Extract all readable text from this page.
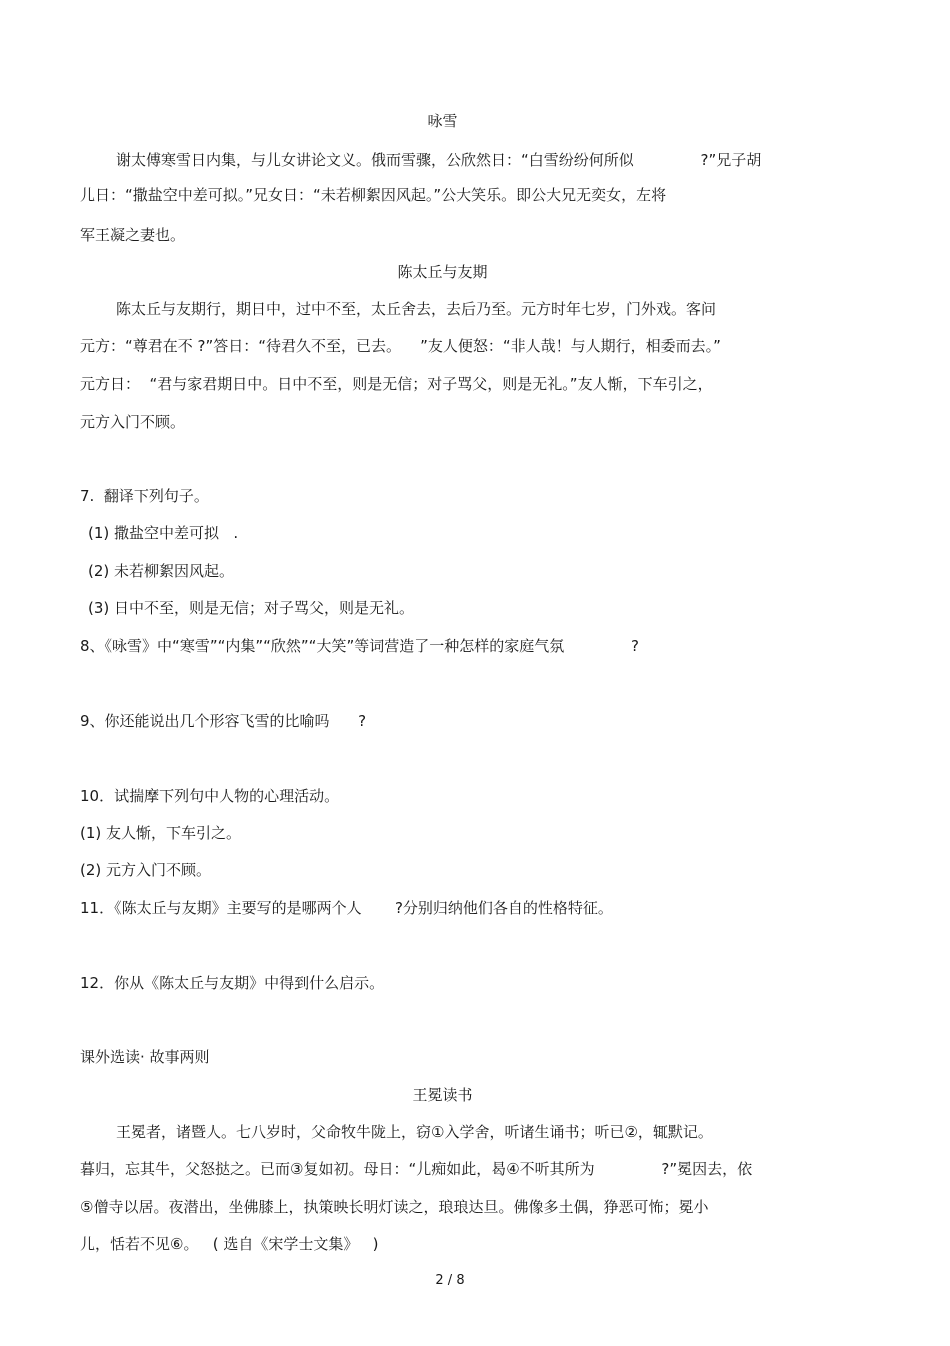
咏雪
谢太傅寒雪日内集，与儿女讲论文义。俄而雪骤，公欣然日：“白雪纷纷何所似              ?”兄子胡
儿日：“撒盐空中差可拟。”兄女日：“未若柳絮因风起。”公大笑乐。即公大兄无奕女，左将
军王凝之妻也。
陈太丘与友期
陈太丘与友期行，期日中，过中不至，太丘舍去，去后乃至。元方时年七岁，门外戏。客问
元方：“尊君在不 ?”答日：“待君久不至，已去。    ”友人便怒：“非人哉！与人期行，相委而去。”
元方日：  “君与家君期日中。日中不至，则是无信；对子骂父，则是无礼。”友人惭，下车引之，
元方入门不顾。
7.  翻译下列句子。
(1) 撒盐空中差可拟   .
(2) 未若柳絮因风起。
(3) 日中不至，则是无信；对子骂父，则是无礼。
8、《咏雪》中“寒雪”“内集”“欣然”“大笑”等词营造了一种怎样的家庭气氛              ?
9、你还能说出几个形容飞雪的比喻吗      ?
10．试揣摩下列句中人物的心理活动。
(1) 友人惭，下车引之。
(2) 元方入门不顾。
11．《陈太丘与友期》主要写的是哪两个人       ?分别归纳他们各自的性格特征。
12．你从《陈太丘与友期》中得到什么启示。
课外选读· 故事两则
王冕读书
王冕者，诸暨人。七八岁时，父命牧牛陇上，窃①入学舍，听诸生诵书；听已②，辄默记。
暮归，忘其牛，父怒挞之。已而③复如初。母日：“儿痴如此，曷④不听其所为              ?”冕因去，依
⑤僧寺以居。夜潜出，坐佛膝上，执策映长明灯读之，琅琅达旦。佛像多土偶，狰恶可怖；冕小
儿，恬若不见⑥。   ( 选自《宋学士文集》   )
2 / 8
